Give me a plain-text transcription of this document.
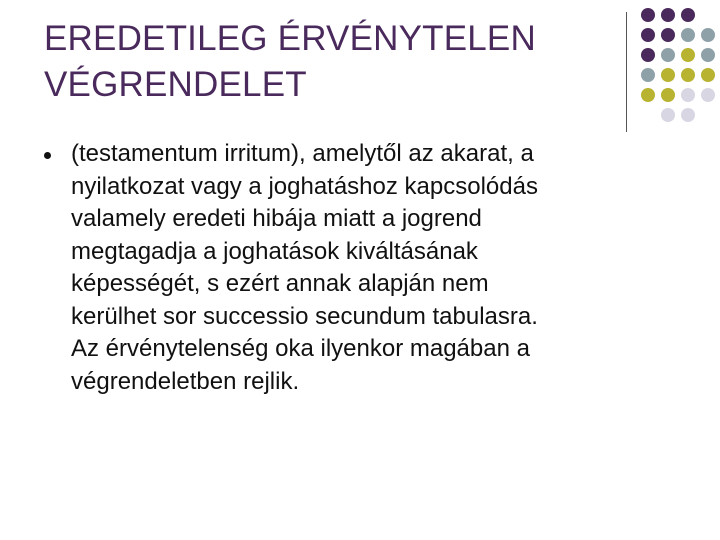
EREDETILEG ÉRVÉNYTELEN
VÉGRENDELET

(testamentum irritum), amelytől az akarat, a
nyilatkozat vagy a joghatáshoz kapcsolódás
valamely eredeti hibája miatt a jogrend
megtagadja a joghatások kiváltásának
képességét, s ezért annak alapján nem
kerülhet sor successio secundum tabulasra.
Az érvénytelenség oka ilyenkor magában a
végrendeletben rejlik.
